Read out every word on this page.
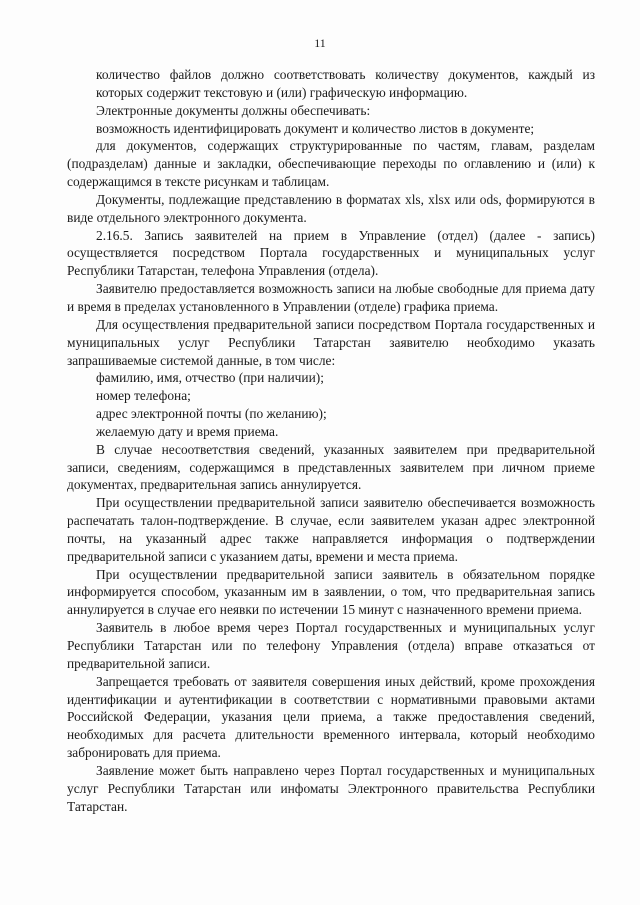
11

количество файлов должно соответствовать количеству документов, каждый из которых содержит текстовую и (или) графическую информацию.

Электронные документы должны обеспечивать:

возможность идентифицировать документ и количество листов в документе;

для документов, содержащих структурированные по частям, главам, разделам (подразделам) данные и закладки, обеспечивающие переходы по оглавлению и (или) к содержащимся в тексте рисункам и таблицам.

Документы, подлежащие представлению в форматах xls, xlsx или ods, формируются в виде отдельного электронного документа.

2.16.5. Запись заявителей на прием в Управление (отдел) (далее - запись) осуществляется посредством Портала государственных и муниципальных услуг Республики Татарстан, телефона Управления (отдела).

Заявителю предоставляется возможность записи на любые свободные для приема дату и время в пределах установленного в Управлении (отделе) графика приема.

Для осуществления предварительной записи посредством Портала государственных и муниципальных услуг Республики Татарстан заявителю необходимо указать запрашиваемые системой данные, в том числе:

фамилию, имя, отчество (при наличии);

номер телефона;

адрес электронной почты (по желанию);

желаемую дату и время приема.

В случае несоответствия сведений, указанных заявителем при предварительной записи, сведениям, содержащимся в представленных заявителем при личном приеме документах, предварительная запись аннулируется.

При осуществлении предварительной записи заявителю обеспечивается возможность распечатать талон-подтверждение. В случае, если заявителем указан адрес электронной почты, на указанный адрес также направляется информация о подтверждении предварительной записи с указанием даты, времени и места приема.

При осуществлении предварительной записи заявитель в обязательном порядке информируется способом, указанным им в заявлении, о том, что предварительная запись аннулируется в случае его неявки по истечении 15 минут с назначенного времени приема.

Заявитель в любое время через Портал государственных и муниципальных услуг Республики Татарстан или по телефону Управления (отдела) вправе отказаться от предварительной записи.

Запрещается требовать от заявителя совершения иных действий, кроме прохождения идентификации и аутентификации в соответствии с нормативными правовыми актами Российской Федерации, указания цели приема, а также предоставления сведений, необходимых для расчета длительности временного интервала, который необходимо забронировать для приема.

Заявление может быть направлено через Портал государственных и муниципальных услуг Республики Татарстан или инфоматы Электронного правительства Республики Татарстан.
